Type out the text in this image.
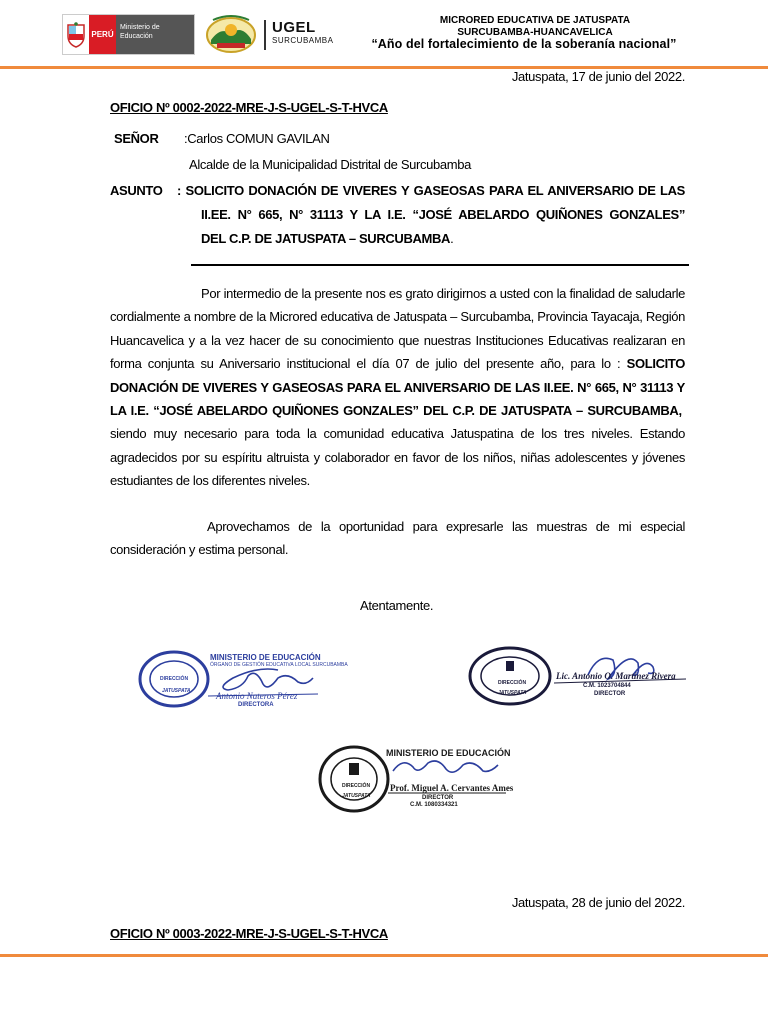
PERÚ
Ministerio de Educación
UGEL
SURCUBAMBA
MICRORED EDUCATIVA DE JATUSPATA
SURCUBAMBA-HUANCAVELICA
“Año del fortalecimiento de la soberanía nacional”
Jatuspata, 17 de junio del 2022.
OFICIO Nº 0002-2022-MRE-J-S-UGEL-S-T-HVCA
SEÑOR :Carlos COMUN GAVILAN
Alcalde de la Municipalidad Distrital de Surcubamba
ASUNTO : SOLICITO DONACIÓN DE VIVERES Y GASEOSAS PARA EL ANIVERSARIO DE LAS
II.EE. N° 665, N° 31113 Y LA I.E. “JOSÉ ABELARDO QUIÑONES GONZALES”
DEL C.P. DE JATUSPATA – SURCUBAMBA.
Por intermedio de la presente nos es grato dirigirnos a usted con la finalidad de saludarle cordialmente a nombre de la Microred educativa de Jatuspata – Surcubamba, Provincia Tayacaja, Región Huancavelica y a la vez hacer de su conocimiento que nuestras Instituciones Educativas realizaran en forma conjunta su Aniversario institucional el día 07 de julio del presente año, para lo : SOLICITO DONACIÓN DE VIVERES Y GASEOSAS PARA EL ANIVERSARIO DE LAS II.EE. N° 665, N° 31113 Y LA I.E. “JOSÉ ABELARDO QUIÑONES GONZALES” DEL C.P. DE JATUSPATA – SURCUBAMBA,  siendo muy necesario para toda la comunidad educativa Jatuspatina de los tres niveles. Estando agradecidos por su espíritu altruista y colaborador en favor de los niños, niñas adolescentes y jóvenes estudiantes de los diferentes niveles.
Aprovechamos de la oportunidad para expresarle las muestras de mi especial consideración y estima personal.
Atentamente.
MINISTERIO DE EDUCACIÓN
ÓRGANO DE GESTIÓN EDUCATIVA LOCAL SURCUBAMBA
DIRECCIÓN
JATUSPATA	Antonio Nateros Pérez
DIRECTORA
DIRECCIÓN
JATUSPATA
Lic. Antonio O. Martínez Rivera
C.M. 1023704844
DIRECTOR
MINISTERIO DE EDUCACIÓN
DIRECCIÓN
JATUSPATA
Prof. Miguel A. Cervantes Ames
DIRECTOR
C.M. 1080334321
Jatuspata, 28 de junio del 2022.
OFICIO Nº 0003-2022-MRE-J-S-UGEL-S-T-HVCA
